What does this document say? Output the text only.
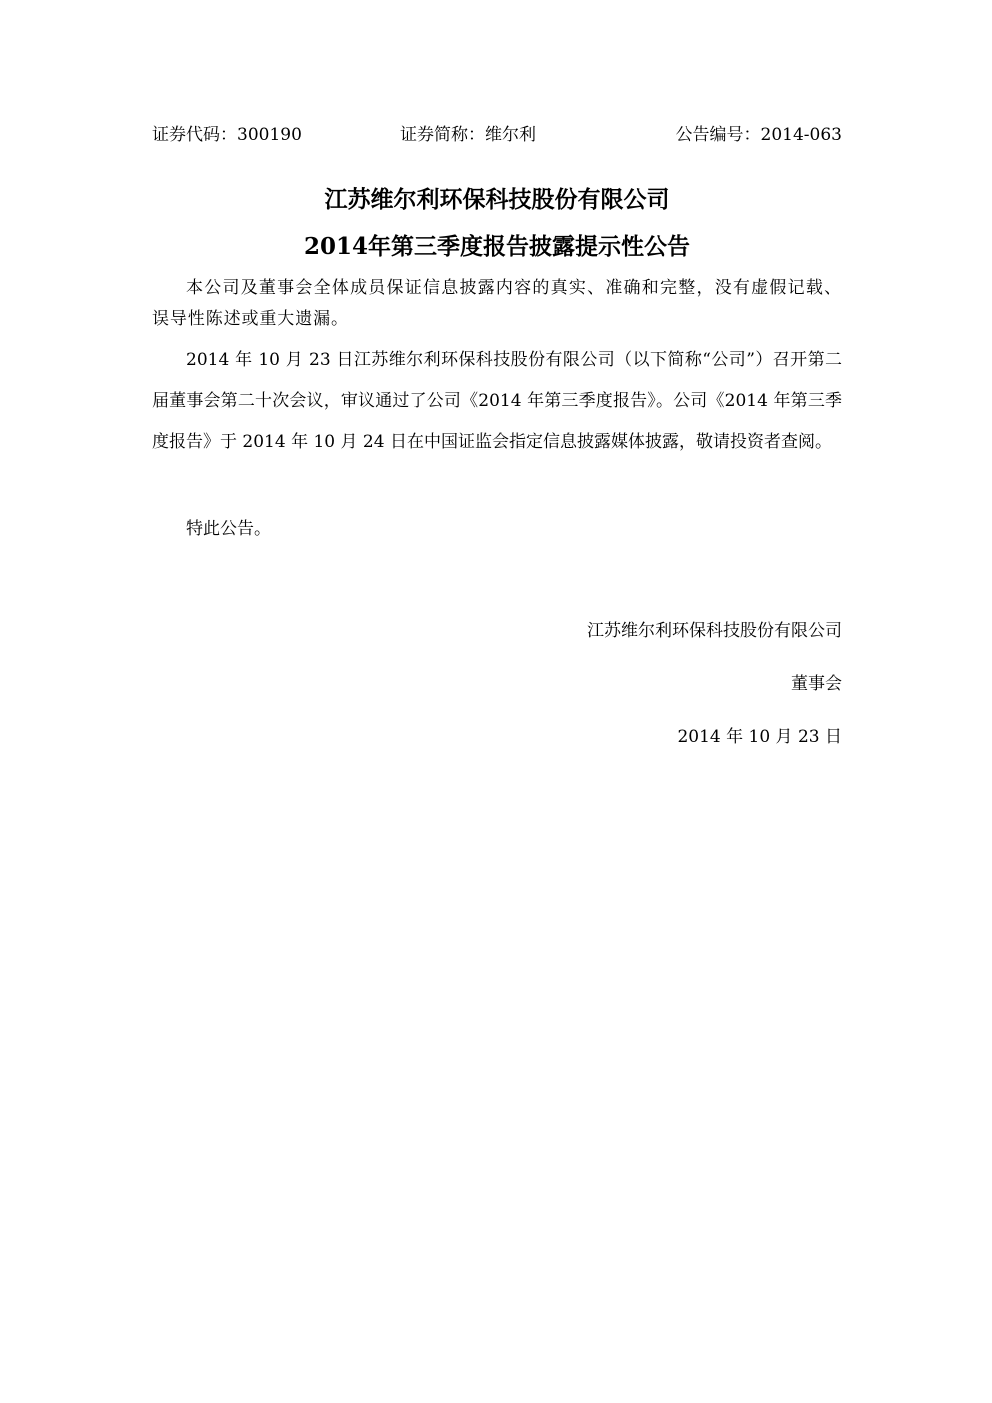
证券代码：300190	证券简称：维尔利	公告编号：2014-063
江苏维尔利环保科技股份有限公司
2014年第三季度报告披露提示性公告
本公司及董事会全体成员保证信息披露内容的真实、准确和完整，没有虚假记载、误导性陈述或重大遗漏。
2014 年 10 月 23 日江苏维尔利环保科技股份有限公司（以下简称“公司”）召开第二届董事会第二十次会议，审议通过了公司《2014 年第三季度报告》。公司《2014 年第三季度报告》于 2014 年 10 月 24 日在中国证监会指定信息披露媒体披露，敬请投资者查阅。
特此公告。
江苏维尔利环保科技股份有限公司
董事会
2014 年 10 月 23 日
